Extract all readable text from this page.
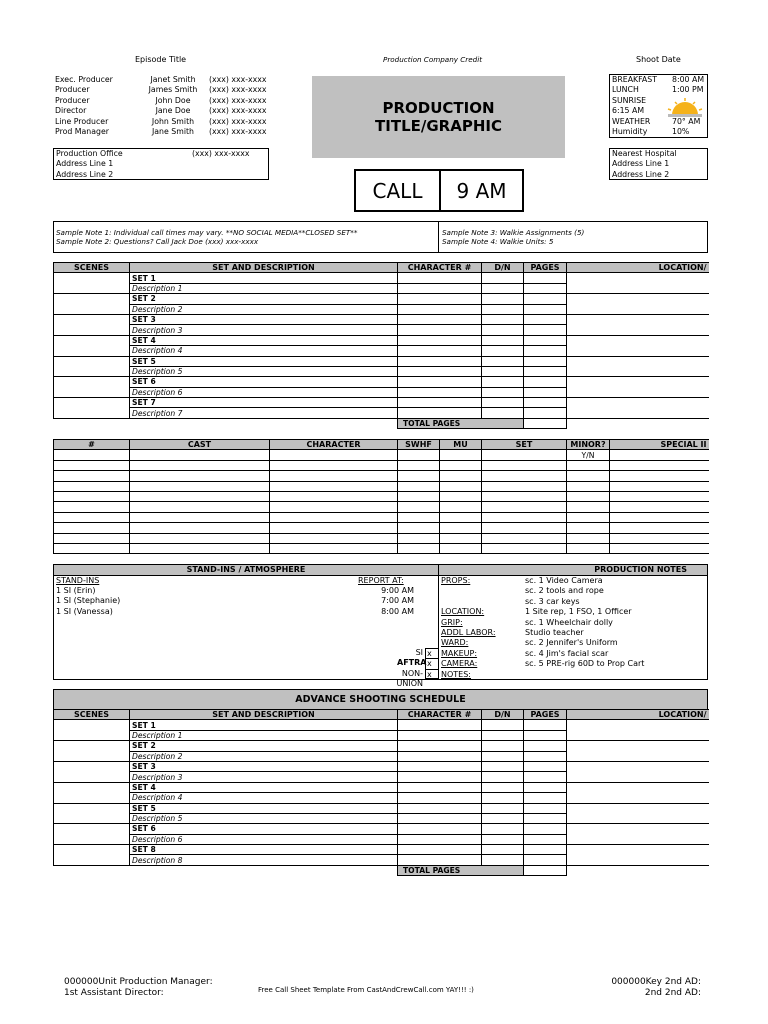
Episode Title	Production Company Credit	Shoot Date
Exec. Producer	Janet Smith	(xxx) xxx-xxxx
Producer	James Smith	(xxx) xxx-xxxx
Producer	John Doe	(xxx) xxx-xxxx
Director	Jane Doe	(xxx) xxx-xxxx
Line Producer	John Smith	(xxx) xxx-xxxx
Prod Manager	Jane Smith	(xxx) xxx-xxxx
Production Office	(xxx) xxx-xxxx
Address Line 1
Address Line 2
PRODUCTION
TITLE/GRAPHIC
CALL	9 AM
BREAKFAST	8:00 AM
LUNCH	1:00 PM
SUNRISE
6:15 AM
WEATHER	70° AM
Humidity	10%
Nearest Hospital
Address Line 1
Address Line 2
Sample Note 1: Individual call times may vary. **NO SOCIAL MEDIA**CLOSED SET**
Sample Note 2: Questions? Call Jack Doe (xxx) xxx-xxxx
Sample Note 3: Walkie Assignments (5)
Sample Note 4: Walkie Units: 5
SCENES	SET AND DESCRIPTION	CHARACTER #	D/N	PAGES	LOCATION/
	SET 1				
	Description 1				
	SET 2				
	Description 2				
	SET 3				
	Description 3				
	SET 4				
	Description 4				
	SET 5				
	Description 5				
	SET 6				
	Description 6				
	SET 7				
	Description 7				
		TOTAL PAGES			
#	CAST	CHARACTER	SWHF	MU	SET	MINOR?	SPECIAL II
						Y/N	

STAND-INS / ATMOSPHERE	PRODUCTION NOTES
STAND-INS	REPORT AT:
1 SI (Erin)	9:00 AM
1 SI (Stephanie)	7:00 AM
1 SI (Vanessa)	8:00 AM
SI x
AFTRA x
NON-UNION
x
PROPS:	sc. 1 Video Camera
sc. 2 tools and rope
sc. 3 car keys
LOCATION:	1 Site rep, 1 FSO, 1 Officer
GRIP:	sc. 1 Wheelchair dolly
ADDL LABOR:	Studio teacher
WARD:	sc. 2 Jennifer's Uniform
MAKEUP:	sc. 4 Jim's facial scar
CAMERA:	sc. 5 PRE-rig 60D to Prop Cart
NOTES:
ADVANCE SHOOTING SCHEDULE
SCENES	SET AND DESCRIPTION	CHARACTER #	D/N	PAGES	LOCATION/
	SET 1				
	Description 1				
	SET 2				
	Description 2				
	SET 3				
	Description 3				
	SET 4				
	Description 4				
	SET 5				
	Description 5				
	SET 6				
	Description 6				
	SET 8				
	Description 8				
		TOTAL PAGES			
000000Unit Production Manager:
1st Assistant Director:	Free Call Sheet Template From CastAndCrewCall.com YAY!!! :)
000000Key 2nd AD:
2nd 2nd AD:
